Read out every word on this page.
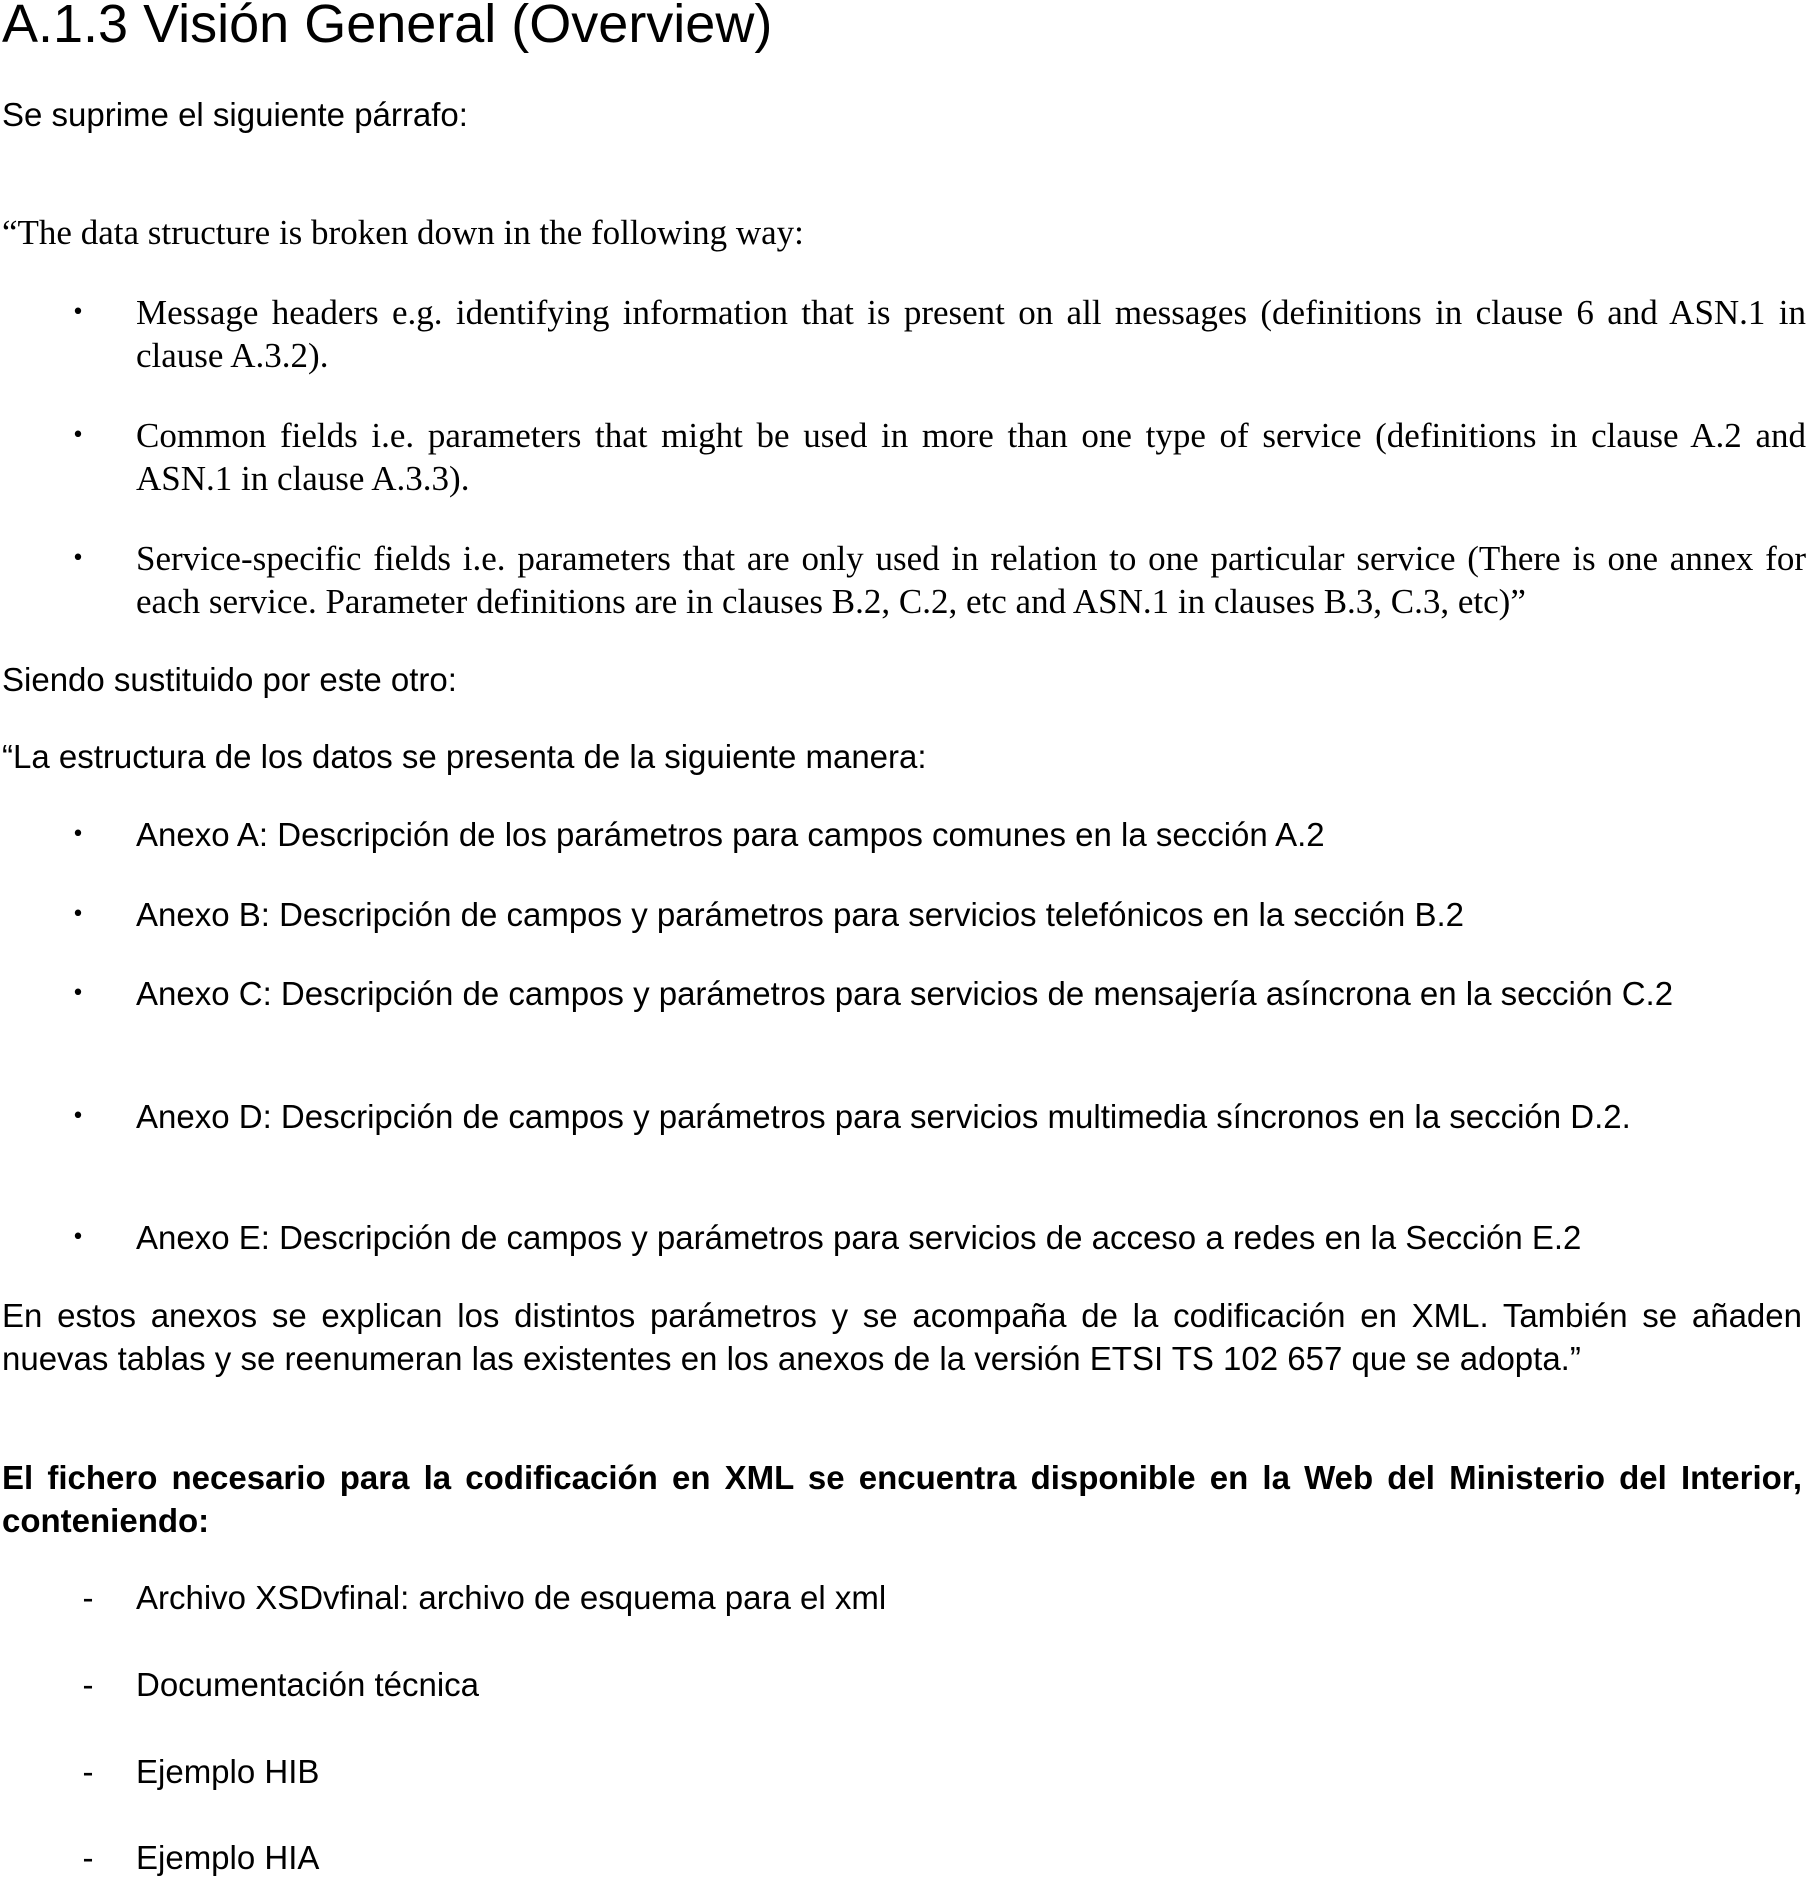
A.1.3 Visión General (Overview)

Se suprime el siguiente párrafo:

“The data structure is broken down in the following way:

• Message headers e.g. identifying information that is present on all messages (definitions in clause 6 and ASN.1 in clause A.3.2).
• Common fields i.e. parameters that might be used in more than one type of service (definitions in clause A.2 and ASN.1 in clause A.3.3).
• Service-specific fields i.e. parameters that are only used in relation to one particular service (There is one annex for each service. Parameter definitions are in clauses B.2, C.2, etc and ASN.1 in clauses B.3, C.3, etc)”

Siendo sustituido por este otro:

“La estructura de los datos se presenta de la siguiente manera:

• Anexo A: Descripción de los parámetros para campos comunes en la sección A.2
• Anexo B: Descripción de campos y parámetros para servicios telefónicos en la sección B.2
• Anexo C: Descripción de campos y parámetros para servicios de mensajería asíncrona en la sección C.2
• Anexo D: Descripción de campos y parámetros para servicios multimedia síncronos en la sección D.2.
• Anexo E: Descripción de campos y parámetros para servicios de acceso a redes en la Sección E.2

En estos anexos se explican los distintos parámetros y se acompaña de la codificación en XML. También se añaden nuevas tablas y se reenumeran las existentes en los anexos de la versión ETSI TS 102 657 que se adopta.”

El fichero necesario para la codificación en XML se encuentra disponible en la Web del Ministerio del Interior, conteniendo:

- Archivo XSDvfinal: archivo de esquema para el xml
- Documentación técnica
- Ejemplo HIB
- Ejemplo HIA
